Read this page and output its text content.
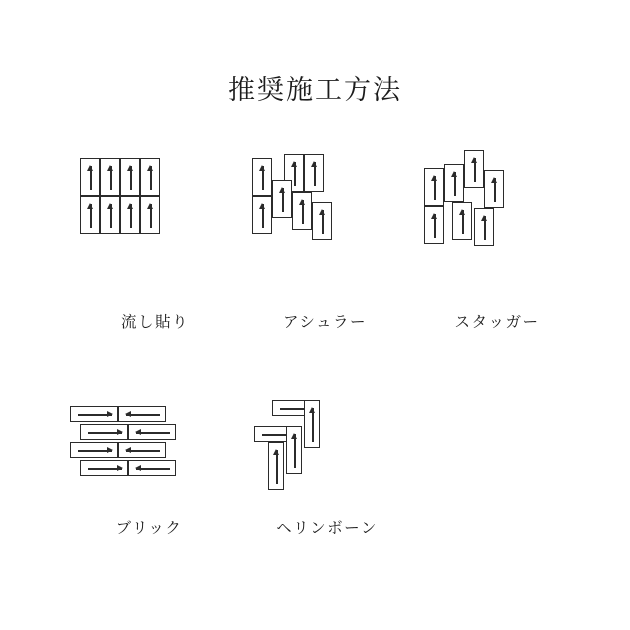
推奨施工方法
流し貼り	アシュラー	スタッガー
ブリック	ヘリンボーン
